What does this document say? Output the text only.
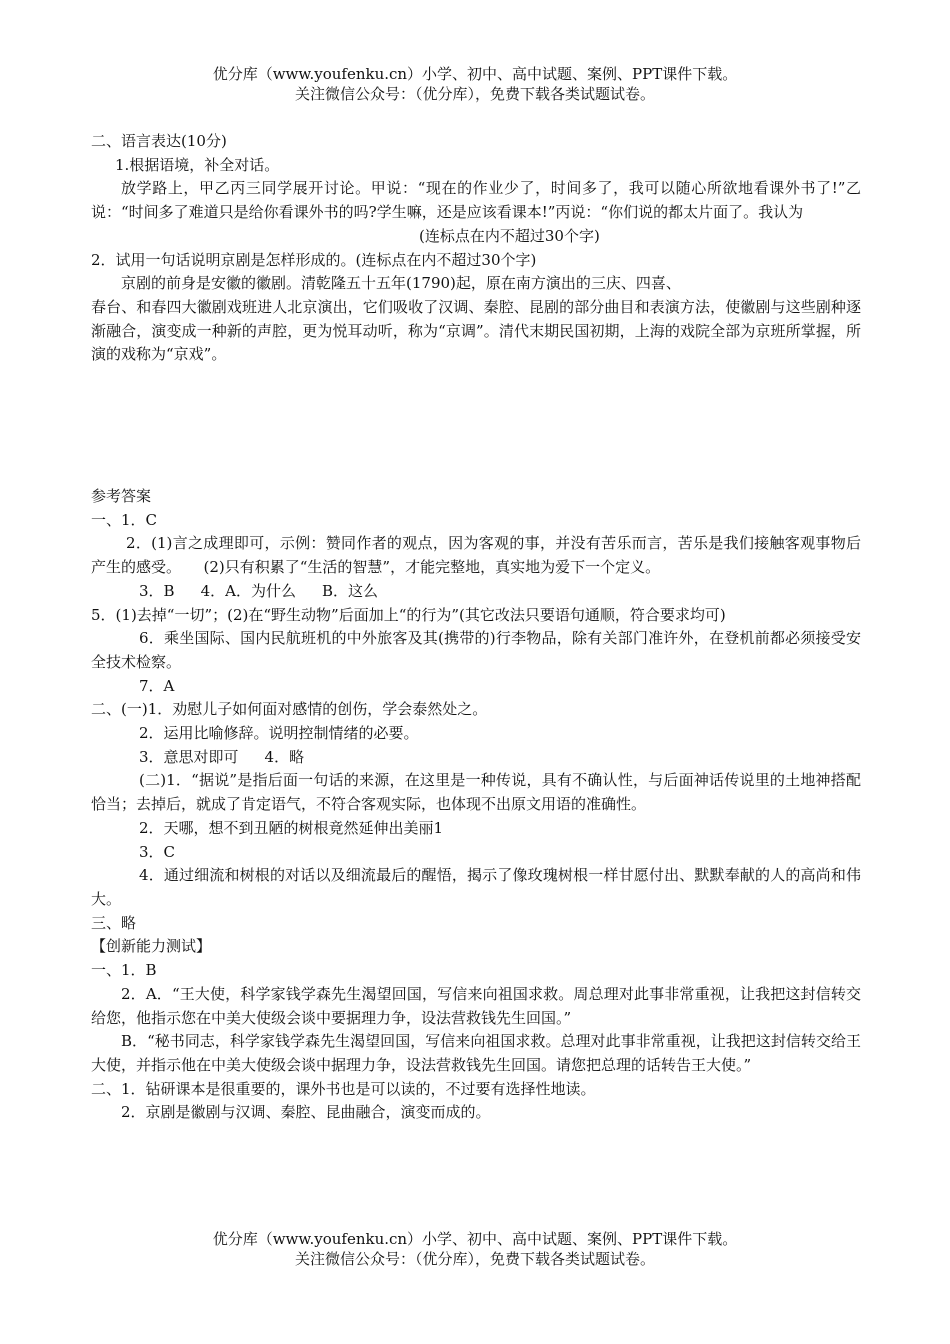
优分库（www.youfenku.cn）小学、初中、高中试题、案例、PPT课件下载。
关注微信公众号：（优分库），免费下载各类试题试卷。

二、语言表达(10分)

1.根据语境，补全对话。

放学路上，甲乙丙三同学展开讨论。甲说：“现在的作业少了，时间多了，我可以随心所欲地看课外书了!”乙说：“时间多了难道只是给你看课外书的吗?学生嘛，还是应该看课本!”丙说：“你们说的都太片面了。我认为

(连标点在内不超过30个字)

2．试用一句话说明京剧是怎样形成的。(连标点在内不超过30个字)

京剧的前身是安徽的徽剧。清乾隆五十五年(1790)起，原在南方演出的三庆、四喜、

春台、和春四大徽剧戏班进人北京演出，它们吸收了汉调、秦腔、昆剧的部分曲目和表演方法，使徽剧与这些剧种逐渐融合，演变成一种新的声腔，更为悦耳动听，称为“京调”。清代末期民国初期，上海的戏院全部为京班所掌握，所演的戏称为“京戏”。

参考答案

一、1．C

2．(1)言之成理即可，示例：赞同作者的观点，因为客观的事，并没有苦乐而言，苦乐是我们接触客观事物后产生的感受。　　(2)只有积累了“生活的智慧”，才能完整地，真实地为爱下一个定义。

3．B 4．A．为什么 B．这么

5．(1)去掉“一切”；(2)在“野生动物”后面加上“的行为”(其它改法只要语句通顺，符合要求均可)

6．乘坐国际、国内民航班机的中外旅客及其(携带的)行李物品，除有关部门准许外，在登机前都必须接受安全技术检察。

7．A

二、(一)1．劝慰儿子如何面对感情的创伤，学会泰然处之。

2．运用比喻修辞。说明控制情绪的必要。

3．意思对即可 4．略

(二)1．“据说”是指后面一句话的来源，在这里是一种传说，具有不确认性，与后面神话传说里的土地神搭配恰当；去掉后，就成了肯定语气，不符合客观实际，也体现不出原文用语的准确性。

2．天哪，想不到丑陋的树根竟然延伸出美丽1

3．C

4．通过细流和树根的对话以及细流最后的醒悟，揭示了像玫瑰树根一样甘愿付出、默默奉献的人的高尚和伟大。

三、略

【创新能力测试】

一、1．B

2．A．“王大使，科学家钱学森先生渴望回国，写信来向祖国求救。周总理对此事非常重视，让我把这封信转交给您，他指示您在中美大使级会谈中要据理力争，设法营救钱先生回国。”

B．“秘书同志，科学家钱学森先生渴望回国，写信来向祖国求救。总理对此事非常重视，让我把这封信转交给王大使，并指示他在中美大使级会谈中据理力争，设法营救钱先生回国。请您把总理的话转告王大使。”

二、1．钻研课本是很重要的，课外书也是可以读的，不过要有选择性地读。

2．京剧是徽剧与汉调、秦腔、昆曲融合，演变而成的。

优分库（www.youfenku.cn）小学、初中、高中试题、案例、PPT课件下载。
关注微信公众号：（优分库），免费下载各类试题试卷。
